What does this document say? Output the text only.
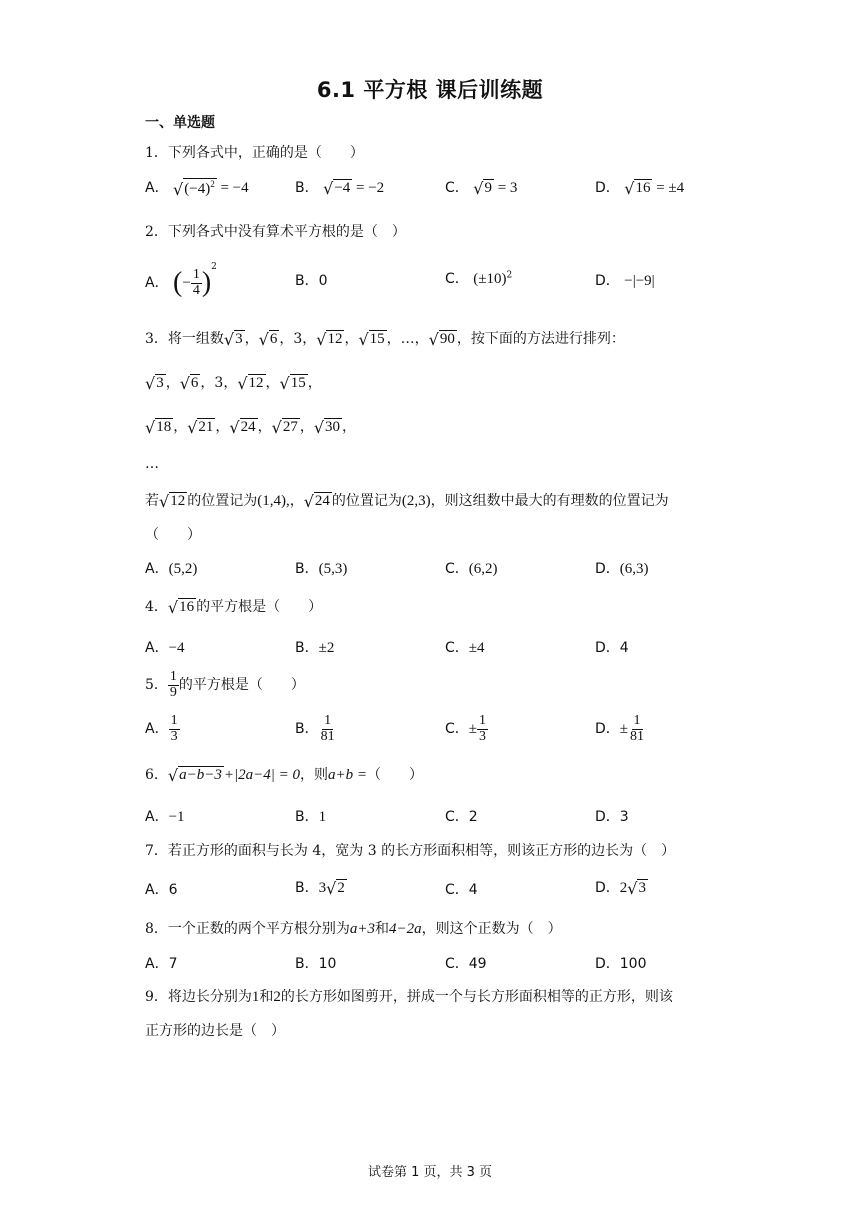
6.1 平方根 课后训练题
一、单选题
1．下列各式中，正确的是（　　）
A． √ $(-4)^2 = -4$	B． √ −4 = −2	C． √ 9 = 3	D． √ 16 = ±4
2．下列各式中没有算术平方根的是（　）
A． (− $\frac{1}{4} )^2$
B．0	C． $(\pm 10)^2$	D． −|−9|
3．将一组数 √ 3 ， √ 6 ，3， √ 12 ， √ 15 ，…， √ 90 ，按下面的方法进行排列：
√ 3 ， √ 6 ，3， √ 12 ， √ 15 ，
√ 18 ， √ 21 ， √ 24 ， √ 27 ， √ 30 ，
…
若 √ 12 的位置记为(1,4),， √ 24 的位置记为(2,3)，则这组数中最大的有理数的位置记为
（　　）
A．(5,2)	B．(5,3)	C．(6,2)	D．(6,3)
4． √ 16 的平方根是（　　）
A．−4	B．±2	C．±4	D．4
5． $\frac{1}{9}$ 的平方根是（　　）
A． $\frac{1}{3}$	B． $\frac{1}{81}$	C．± $\frac{1}{3}$	D．± $\frac{1}{81}$
6． √ a−b−3 +|2a−4| = 0，则a+b =（　　）
A．−1	B．1	C．2	D．3
7．若正方形的面积与长为 4，宽为 3 的长方形面积相等，则该正方形的边长为（　）
A．6	B．3 √ 2	C．4	D．2 √ 3
8．一个正数的两个平方根分别为a+3和4−2a，则这个正数为（　）
A．7	B．10	C．49	D．100
9．将边长分别为1和2的长方形如图剪开，拼成一个与长方形面积相等的正方形，则该
正方形的边长是（　）
试卷第 1 页，共 3 页
